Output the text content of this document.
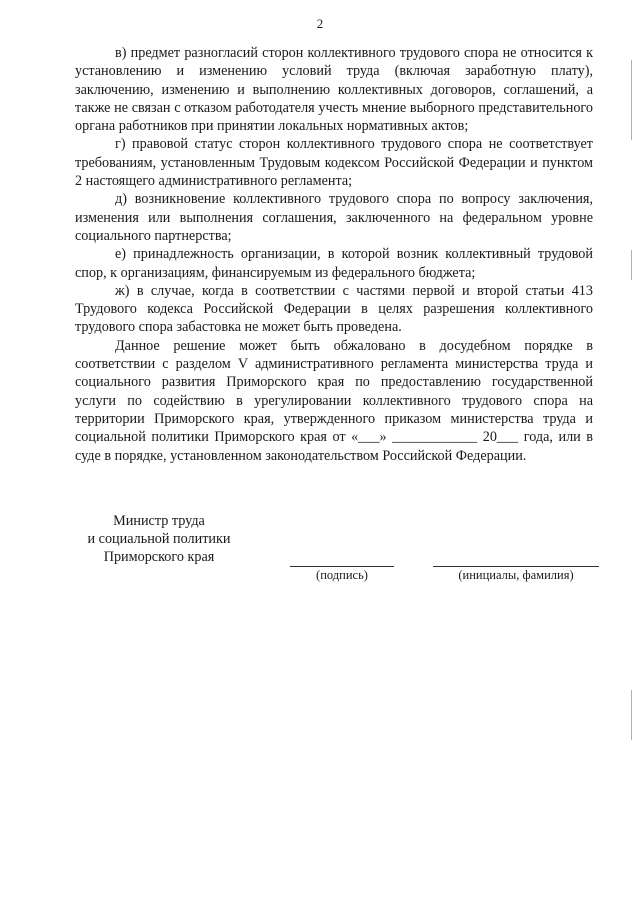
2

в) предмет разногласий сторон коллективного трудового спора не относится к установлению и изменению условий труда (включая заработную плату), заключению, изменению и выполнению коллективных договоров, соглашений, а также не связан с отказом работодателя учесть мнение выборного представительного органа работников при принятии локальных нормативных актов;

г) правовой статус сторон коллективного трудового спора не соответствует требованиям, установленным Трудовым кодексом Российской Федерации и пунктом 2 настоящего административного регламента;

д) возникновение коллективного трудового спора по вопросу заключения, изменения или выполнения соглашения, заключенного на федеральном уровне социального партнерства;

е) принадлежность организации, в которой возник коллективный трудовой спор, к организациям, финансируемым из федерального бюджета;

ж) в случае, когда в соответствии с частями первой и второй статьи 413 Трудового кодекса Российской Федерации в целях разрешения коллективного трудового спора забастовка не может быть проведена.

Данное решение может быть обжаловано в досудебном порядке в соответствии с разделом V административного регламента министерства труда и социального развития Приморского края по предоставлению государственной услуги по содействию в урегулировании коллективного трудового спора на территории Приморского края, утвержденного приказом министерства труда и социальной политики Приморского края от «___» ____________ 20___ года, или в суде в порядке, установленном законодательством Российской Федерации.

Министр труда
и социальной политики
Приморского края
(подпись)	(инициалы, фамилия)
